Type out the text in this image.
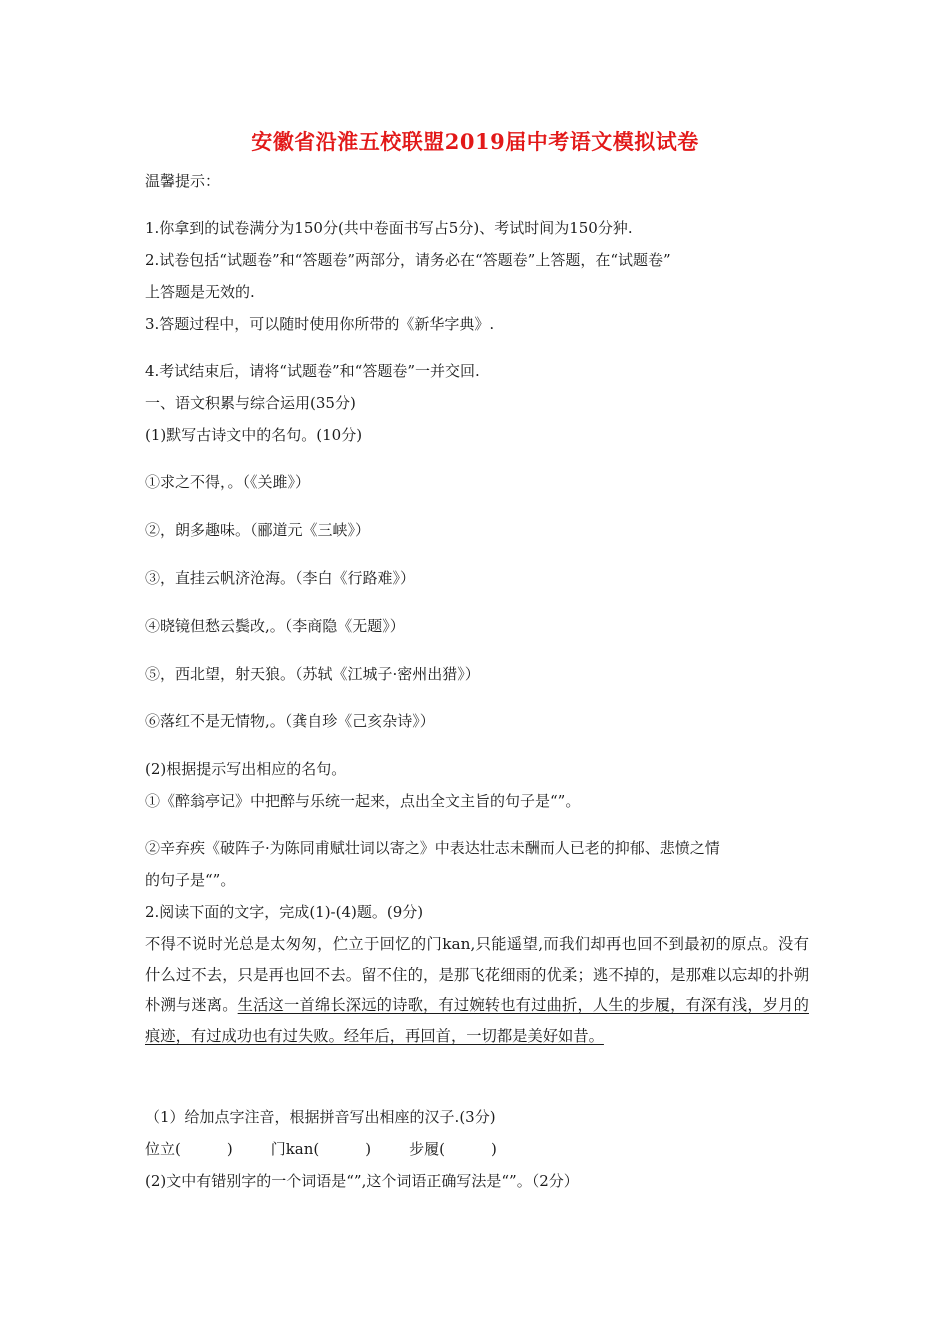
安徽省沿淮五校联盟2019届中考语文模拟试卷
温馨提示：
1.你拿到的试卷满分为150分(共中卷面书写占5分)、考试时间为150分狆.
2.试卷包括“试题卷”和“答题卷”两部分，请务必在“答题卷”上答题，在“试题卷”
上答题是无效的.
3.答题过程中，可以随时使用你所带的《新华字典》.
4.考试结束后，请将“试题卷”和“答题卷”一并交回.
一、语文积累与综合运用(35分)
(1)默写古诗文中的名句。(10分)
①求之不得，。（《关雎》）
②，朗多趣味。（郦道元《三峡》）
③，直挂云帆济沧海。（李白《行路难》）
④晓镜但愁云鬓改,。（李商隐《无题》）
⑤，西北望，射天狼。（苏轼《江城子·密州出猎》）
⑥落红不是无情物,。（龚自珍《己亥杂诗》）
(2)根据提示写出相应的名句。
①《醉翁亭记》中把醉与乐统一起来，点出全文主旨的句子是“”。
②辛弃疾《破阵子·为陈同甫赋壮词以寄之》中表达壮志未酬而人已老的抑郁、悲愤之情
的句子是“”。
2.阅读下面的文字，完成(1)-(4)题。(9分)
不得不说时光总是太匆匆，伫立于回忆的门kan,只能遥望,而我们却再也回不到最初的原点。没有什么过不去，只是再也回不去。留不住的，是那飞花细雨的优柔；逃不掉的，是那难以忘却的扑朔朴溯与迷离。生活这一首绵长深远的诗歌，有过婉转也有过曲折，人生的步履，有深有浅，岁月的痕迹，有过成功也有过失败。经年后，再回首，一切都是美好如昔。
（1）给加点字注音，根据拼音写出相座的汉子.(3分)
位立(	)	门kan(	)	步履(	)
(2)文中有错别字的一个词语是“”,这个词语正确写法是“”。（2分）
